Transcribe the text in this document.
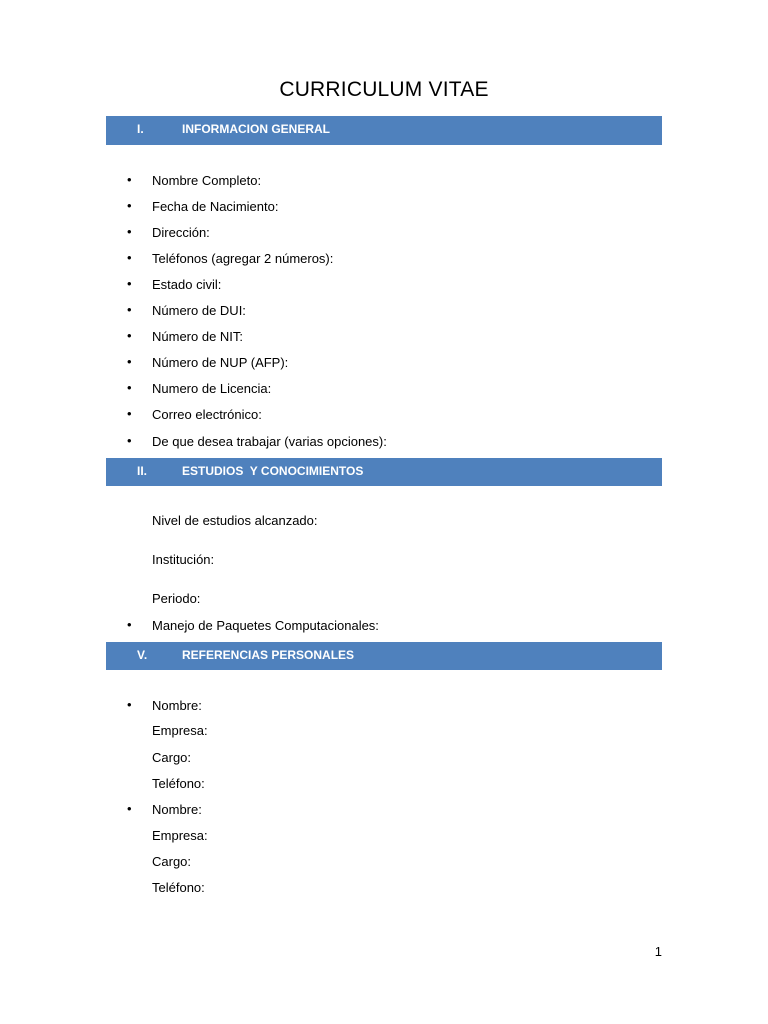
CURRICULUM VITAE
I.	INFORMACION GENERAL
• Nombre Completo:
• Fecha de Nacimiento:
• Dirección:
• Teléfonos (agregar 2 números):
• Estado civil:
• Número de DUI:
• Número de NIT:
• Número de NUP (AFP):
• Numero de Licencia:
• Correo electrónico:
• De que desea trabajar (varias opciones):
II.	ESTUDIOS  Y CONOCIMIENTOS
Nivel de estudios alcanzado:
Institución:
Periodo:
• Manejo de Paquetes Computacionales:
V.	REFERENCIAS PERSONALES
• Nombre:
Empresa:
Cargo:
Teléfono:
• Nombre:
Empresa:
Cargo:
Teléfono:
1
